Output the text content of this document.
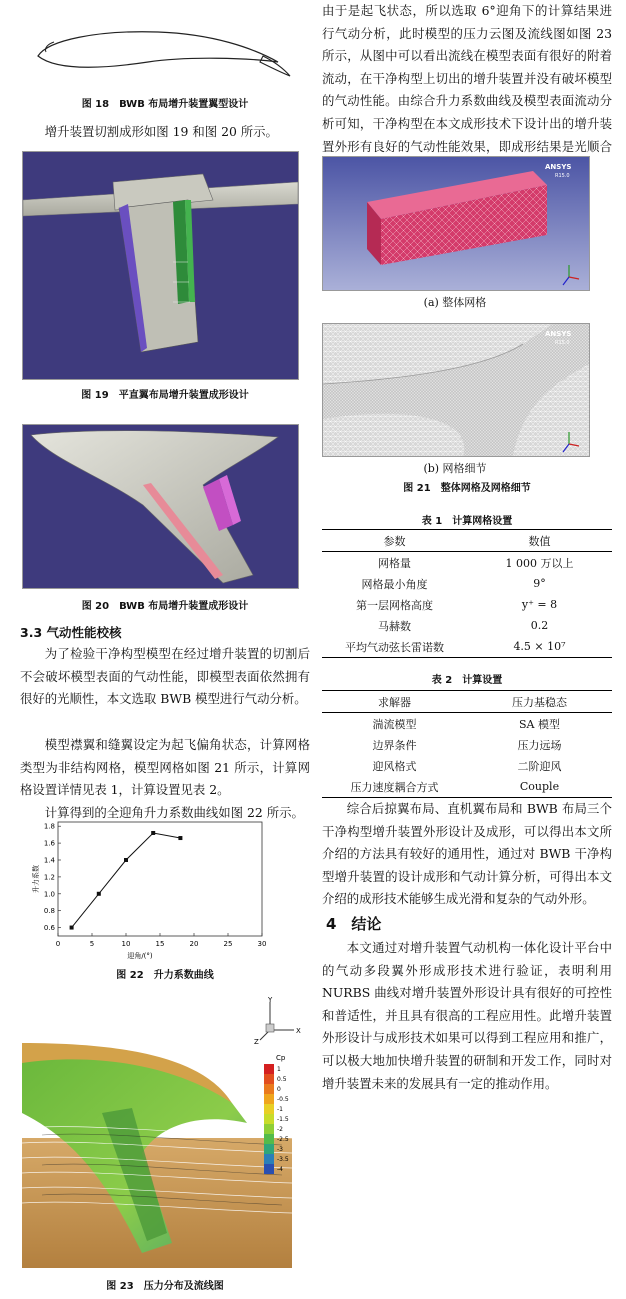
图 18　BWB 布局增升装置翼型设计

增升装置切割成形如图 19 和图 20 所示。

图 19　平直翼布局增升装置成形设计
图 20　BWB 布局增升装置成形设计
3.3 气动性能校核

为了检验干净构型模型在经过增升装置的切割后不会破坏模型表面的气动性能，即模型表面依然拥有很好的光顺性，本文选取 BWB 模型进行气动分析。

模型襟翼和缝翼设定为起飞偏角状态，计算网格类型为非结构网格，模型网格如图 21 所示，计算网格设置详情见表 1，计算设置见表 2。

计算得到的全迎角升力系数曲线如图 22 所示。

0	5	10	15	20	25	30
0.6
0.8
1.0
1.2
1.4
1.6
1.8
迎角/(°)
升力系数
图 22　升力系数曲线
Y
X
Z
Cp
1
0.5
0
-0.5
-1
-1.5
-2
-2.5
-3
-3.5
-4
图 23　压力分布及流线图

由于是起飞状态，所以选取 6°迎角下的计算结果进行气动分析，此时模型的压力云图及流线图如图 23 所示，从图中可以看出流线在模型表面有很好的附着流动，在干净构型上切出的增升装置并没有破坏模型的气动性能。由综合升力系数曲线及模型表面流动分析可知，干净构型在本文成形技术下设计出的增升装置外形有良好的气动性能效果，即成形结果是光顺合

ANSYS
R15.0
(a) 整体网格
ANSYS
R15.0
(b) 网格细节
图 21　整体网格及网格细节
表 1　计算网格设置
参数	数值
网格量	1 000 万以上
网格最小角度	9°
第一层网格高度	y⁺ = 8
马赫数	0.2
平均气动弦长雷诺数	4.5 × 10⁷
表 2　计算设置
求解器	压力基稳态
湍流模型	SA 模型
边界条件	压力远场
迎风格式	二阶迎风
压力速度耦合方式	Couple

综合后掠翼布局、直机翼布局和 BWB 布局三个干净构型增升装置外形设计及成形，可以得出本文所介绍的方法具有较好的通用性，通过对 BWB 干净构型增升装置的设计成形和气动计算分析，可得出本文介绍的成形技术能够生成光滑和复杂的气动外形。

4　结论

本文通过对增升装置气动机构一体化设计平台中的气动多段翼外形成形技术进行验证，表明利用 NURBS 曲线对增升装置外形设计具有很好的可控性和普适性，并且具有很高的工程应用性。此增升装置外形设计与成形技术如果可以得到工程应用和推广，可以极大地加快增升装置的研制和开发工作，同时对增升装置未来的发展具有一定的推动作用。
